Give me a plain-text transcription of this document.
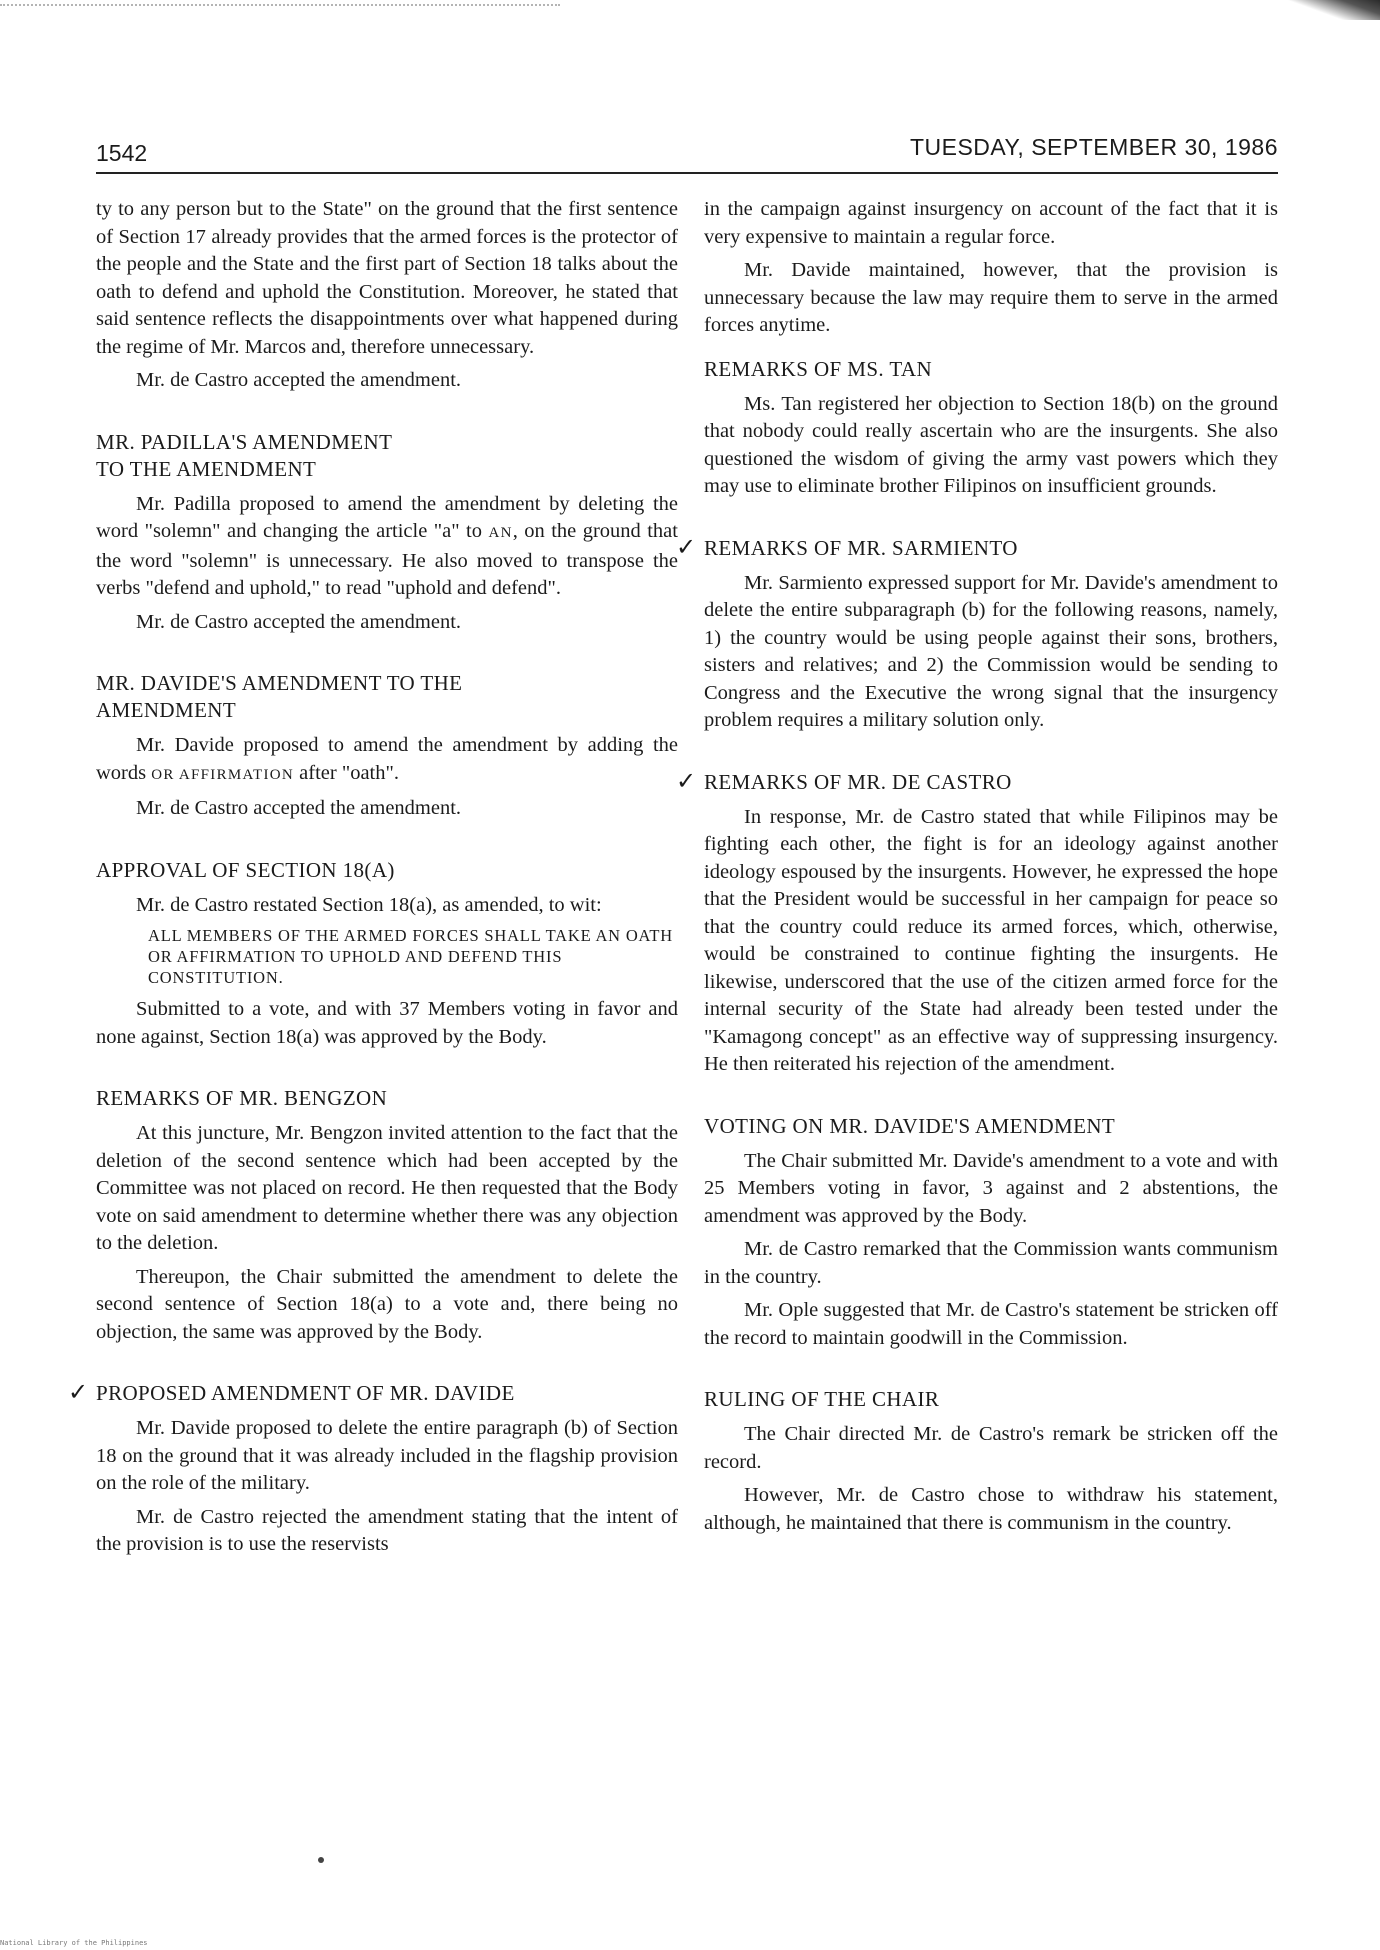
1542	TUESDAY, SEPTEMBER 30, 1986

ty to any person but to the State" on the ground that the first sentence of Section 17 already provides that the armed forces is the protector of the people and the State and the first part of Section 18 talks about the oath to defend and uphold the Constitution. Moreover, he stated that said sentence reflects the disappointments over what happened during the regime of Mr. Marcos and, therefore unnecessary.

Mr. de Castro accepted the amendment.

MR. PADILLA'S AMENDMENT
TO THE AMENDMENT

Mr. Padilla proposed to amend the amendment by deleting the word "solemn" and changing the article "a" to AN, on the ground that the word "solemn" is unnecessary. He also moved to transpose the verbs "defend and uphold," to read "uphold and defend".

Mr. de Castro accepted the amendment.

MR. DAVIDE'S AMENDMENT TO THE
AMENDMENT

Mr. Davide proposed to amend the amendment by adding the words OR AFFIRMATION after "oath".

Mr. de Castro accepted the amendment.

APPROVAL OF SECTION 18(A)

Mr. de Castro restated Section 18(a), as amended, to wit:

ALL MEMBERS OF THE ARMED FORCES SHALL TAKE AN OATH OR AFFIRMATION TO UPHOLD AND DEFEND THIS CONSTITUTION.

Submitted to a vote, and with 37 Members voting in favor and none against, Section 18(a) was approved by the Body.

REMARKS OF MR. BENGZON

At this juncture, Mr. Bengzon invited attention to the fact that the deletion of the second sentence which had been accepted by the Committee was not placed on record. He then requested that the Body vote on said amendment to determine whether there was any objection to the deletion.

Thereupon, the Chair submitted the amendment to delete the second sentence of Section 18(a) to a vote and, there being no objection, the same was approved by the Body.

✓ PROPOSED AMENDMENT OF MR. DAVIDE

Mr. Davide proposed to delete the entire paragraph (b) of Section 18 on the ground that it was already included in the flagship provision on the role of the military.

Mr. de Castro rejected the amendment stating that the intent of the provision is to use the reservists

in the campaign against insurgency on account of the fact that it is very expensive to maintain a regular force.

Mr. Davide maintained, however, that the provision is unnecessary because the law may require them to serve in the armed forces anytime.

REMARKS OF MS. TAN

Ms. Tan registered her objection to Section 18(b) on the ground that nobody could really ascertain who are the insurgents. She also questioned the wisdom of giving the army vast powers which they may use to eliminate brother Filipinos on insufficient grounds.

✓ REMARKS OF MR. SARMIENTO

Mr. Sarmiento expressed support for Mr. Davide's amendment to delete the entire subparagraph (b) for the following reasons, namely, 1) the country would be using people against their sons, brothers, sisters and relatives; and 2) the Commission would be sending to Congress and the Executive the wrong signal that the insurgency problem requires a military solution only.

✓ REMARKS OF MR. DE CASTRO

In response, Mr. de Castro stated that while Filipinos may be fighting each other, the fight is for an ideology against another ideology espoused by the insurgents. However, he expressed the hope that the President would be successful in her campaign for peace so that the country could reduce its armed forces, which, otherwise, would be constrained to continue fighting the insurgents. He likewise, underscored that the use of the citizen armed force for the internal security of the State had already been tested under the "Kamagong concept" as an effective way of suppressing insurgency. He then reiterated his rejection of the amendment.

VOTING ON MR. DAVIDE'S AMENDMENT

The Chair submitted Mr. Davide's amendment to a vote and with 25 Members voting in favor, 3 against and 2 abstentions, the amendment was approved by the Body.

Mr. de Castro remarked that the Commission wants communism in the country.

Mr. Ople suggested that Mr. de Castro's statement be stricken off the record to maintain goodwill in the Commission.

RULING OF THE CHAIR

The Chair directed Mr. de Castro's remark be stricken off the record.

However, Mr. de Castro chose to withdraw his statement, although, he maintained that there is communism in the country.

National Library of the Philippines
